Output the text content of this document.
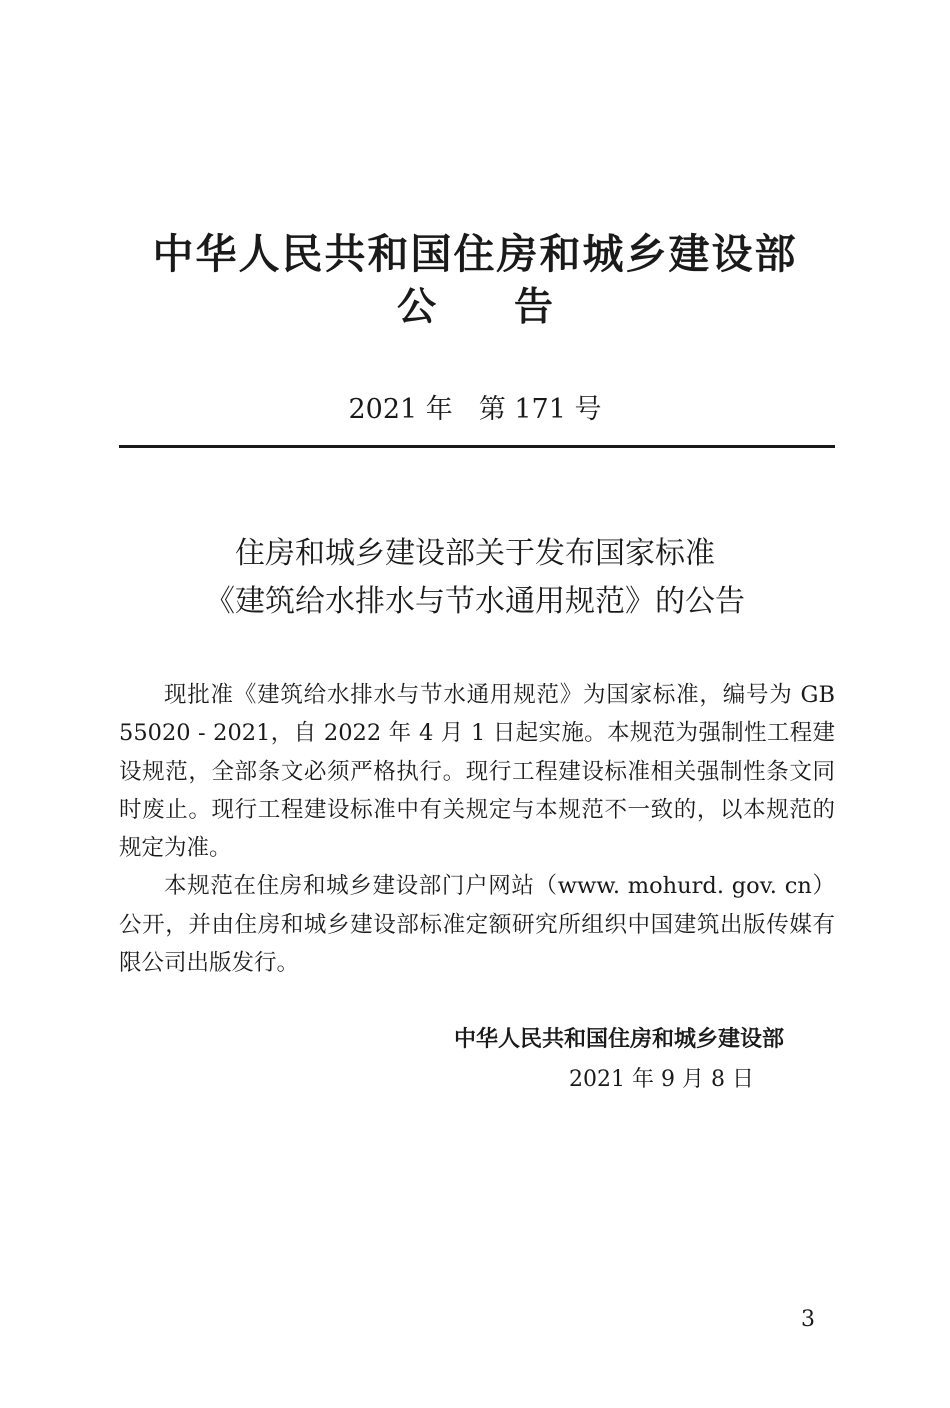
中华人民共和国住房和城乡建设部
公 告
2021 年 第 171 号
住房和城乡建设部关于发布国家标准
《建筑给水排水与节水通用规范》的公告

现批准《建筑给水排水与节水通用规范》为国家标准，编号为 GB 55020 - 2021，自 2022 年 4 月 1 日起实施。本规范为强制性工程建设规范，全部条文必须严格执行。现行工程建设标准相关强制性条文同时废止。现行工程建设标准中有关规定与本规范不一致的，以本规范的规定为准。

本规范在住房和城乡建设部门户网站（www. mohurd. gov. cn）公开，并由住房和城乡建设部标准定额研究所组织中国建筑出版传媒有限公司出版发行。

中华人民共和国住房和城乡建设部
2021 年 9 月 8 日
3
